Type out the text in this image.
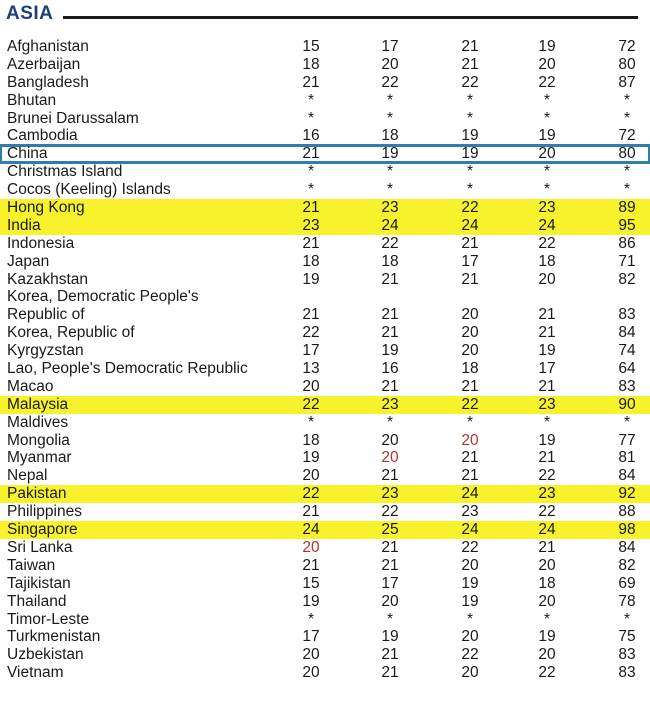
ASIA
Afghanistan	15	17	21	19	72
Azerbaijan	18	20	21	20	80
Bangladesh	21	22	22	22	87
Bhutan	*	*	*	*	*
Brunei Darussalam	*	*	*	*	*
Cambodia	16	18	19	19	72
China	21	19	19	20	80
Christmas Island	*	*	*	*	*
Cocos (Keeling) Islands	*	*	*	*	*
Hong Kong	21	23	22	23	89
India	23	24	24	24	95
Indonesia	21	22	21	22	86
Japan	18	18	17	18	71
Kazakhstan	19	21	21	20	82
Korea, Democratic People's
Republic of	21	21	20	21	83
Korea, Republic of	22	21	20	21	84
Kyrgyzstan	17	19	20	19	74
Lao, People's Democratic Republic	13	16	18	17	64
Macao	20	21	21	21	83
Malaysia	22	23	22	23	90
Maldives	*	*	*	*	*
Mongolia	18	20	20	19	77
Myanmar	19	20	21	21	81
Nepal	20	21	21	22	84
Pakistan	22	23	24	23	92
Philippines	21	22	23	22	88
Singapore	24	25	24	24	98
Sri Lanka	20	21	22	21	84
Taiwan	21	21	20	20	82
Tajikistan	15	17	19	18	69
Thailand	19	20	19	20	78
Timor-Leste	*	*	*	*	*
Turkmenistan	17	19	20	19	75
Uzbekistan	20	21	22	20	83
Vietnam	20	21	20	22	83
